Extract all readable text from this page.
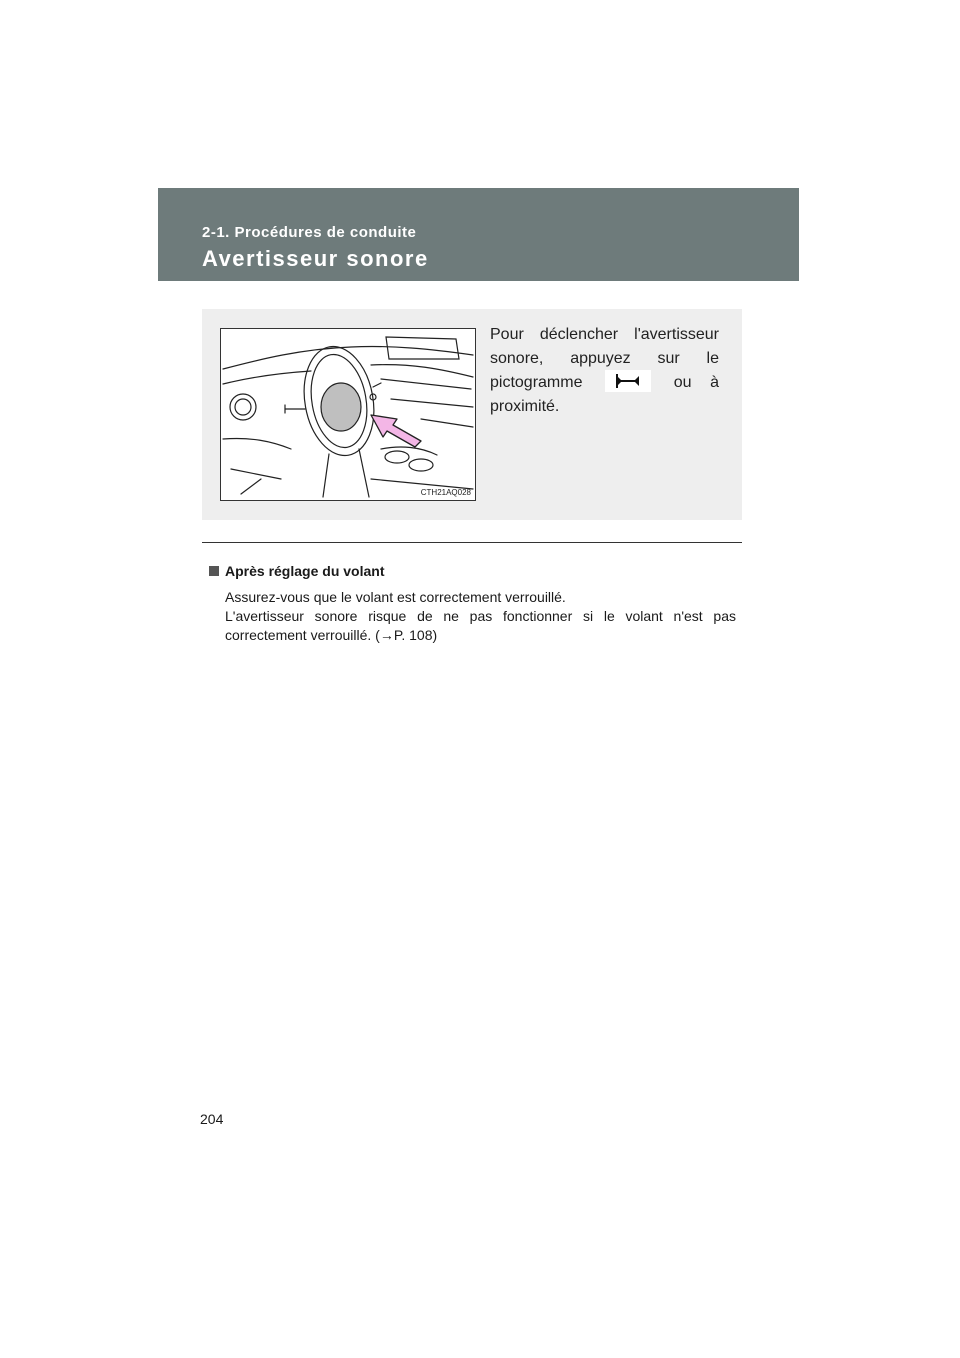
2-1. Procédures de conduite
Avertisseur sonore
CTH21AQ028
Pour déclencher l'avertisseur sonore, appuyez sur le pictogramme	ou à proximité.
Après réglage du volant

Assurez-vous que le volant est correctement verrouillé.

L'avertisseur sonore risque de ne pas fonctionner si le volant n'est pas correctement verrouillé. (→P. 108)

204
